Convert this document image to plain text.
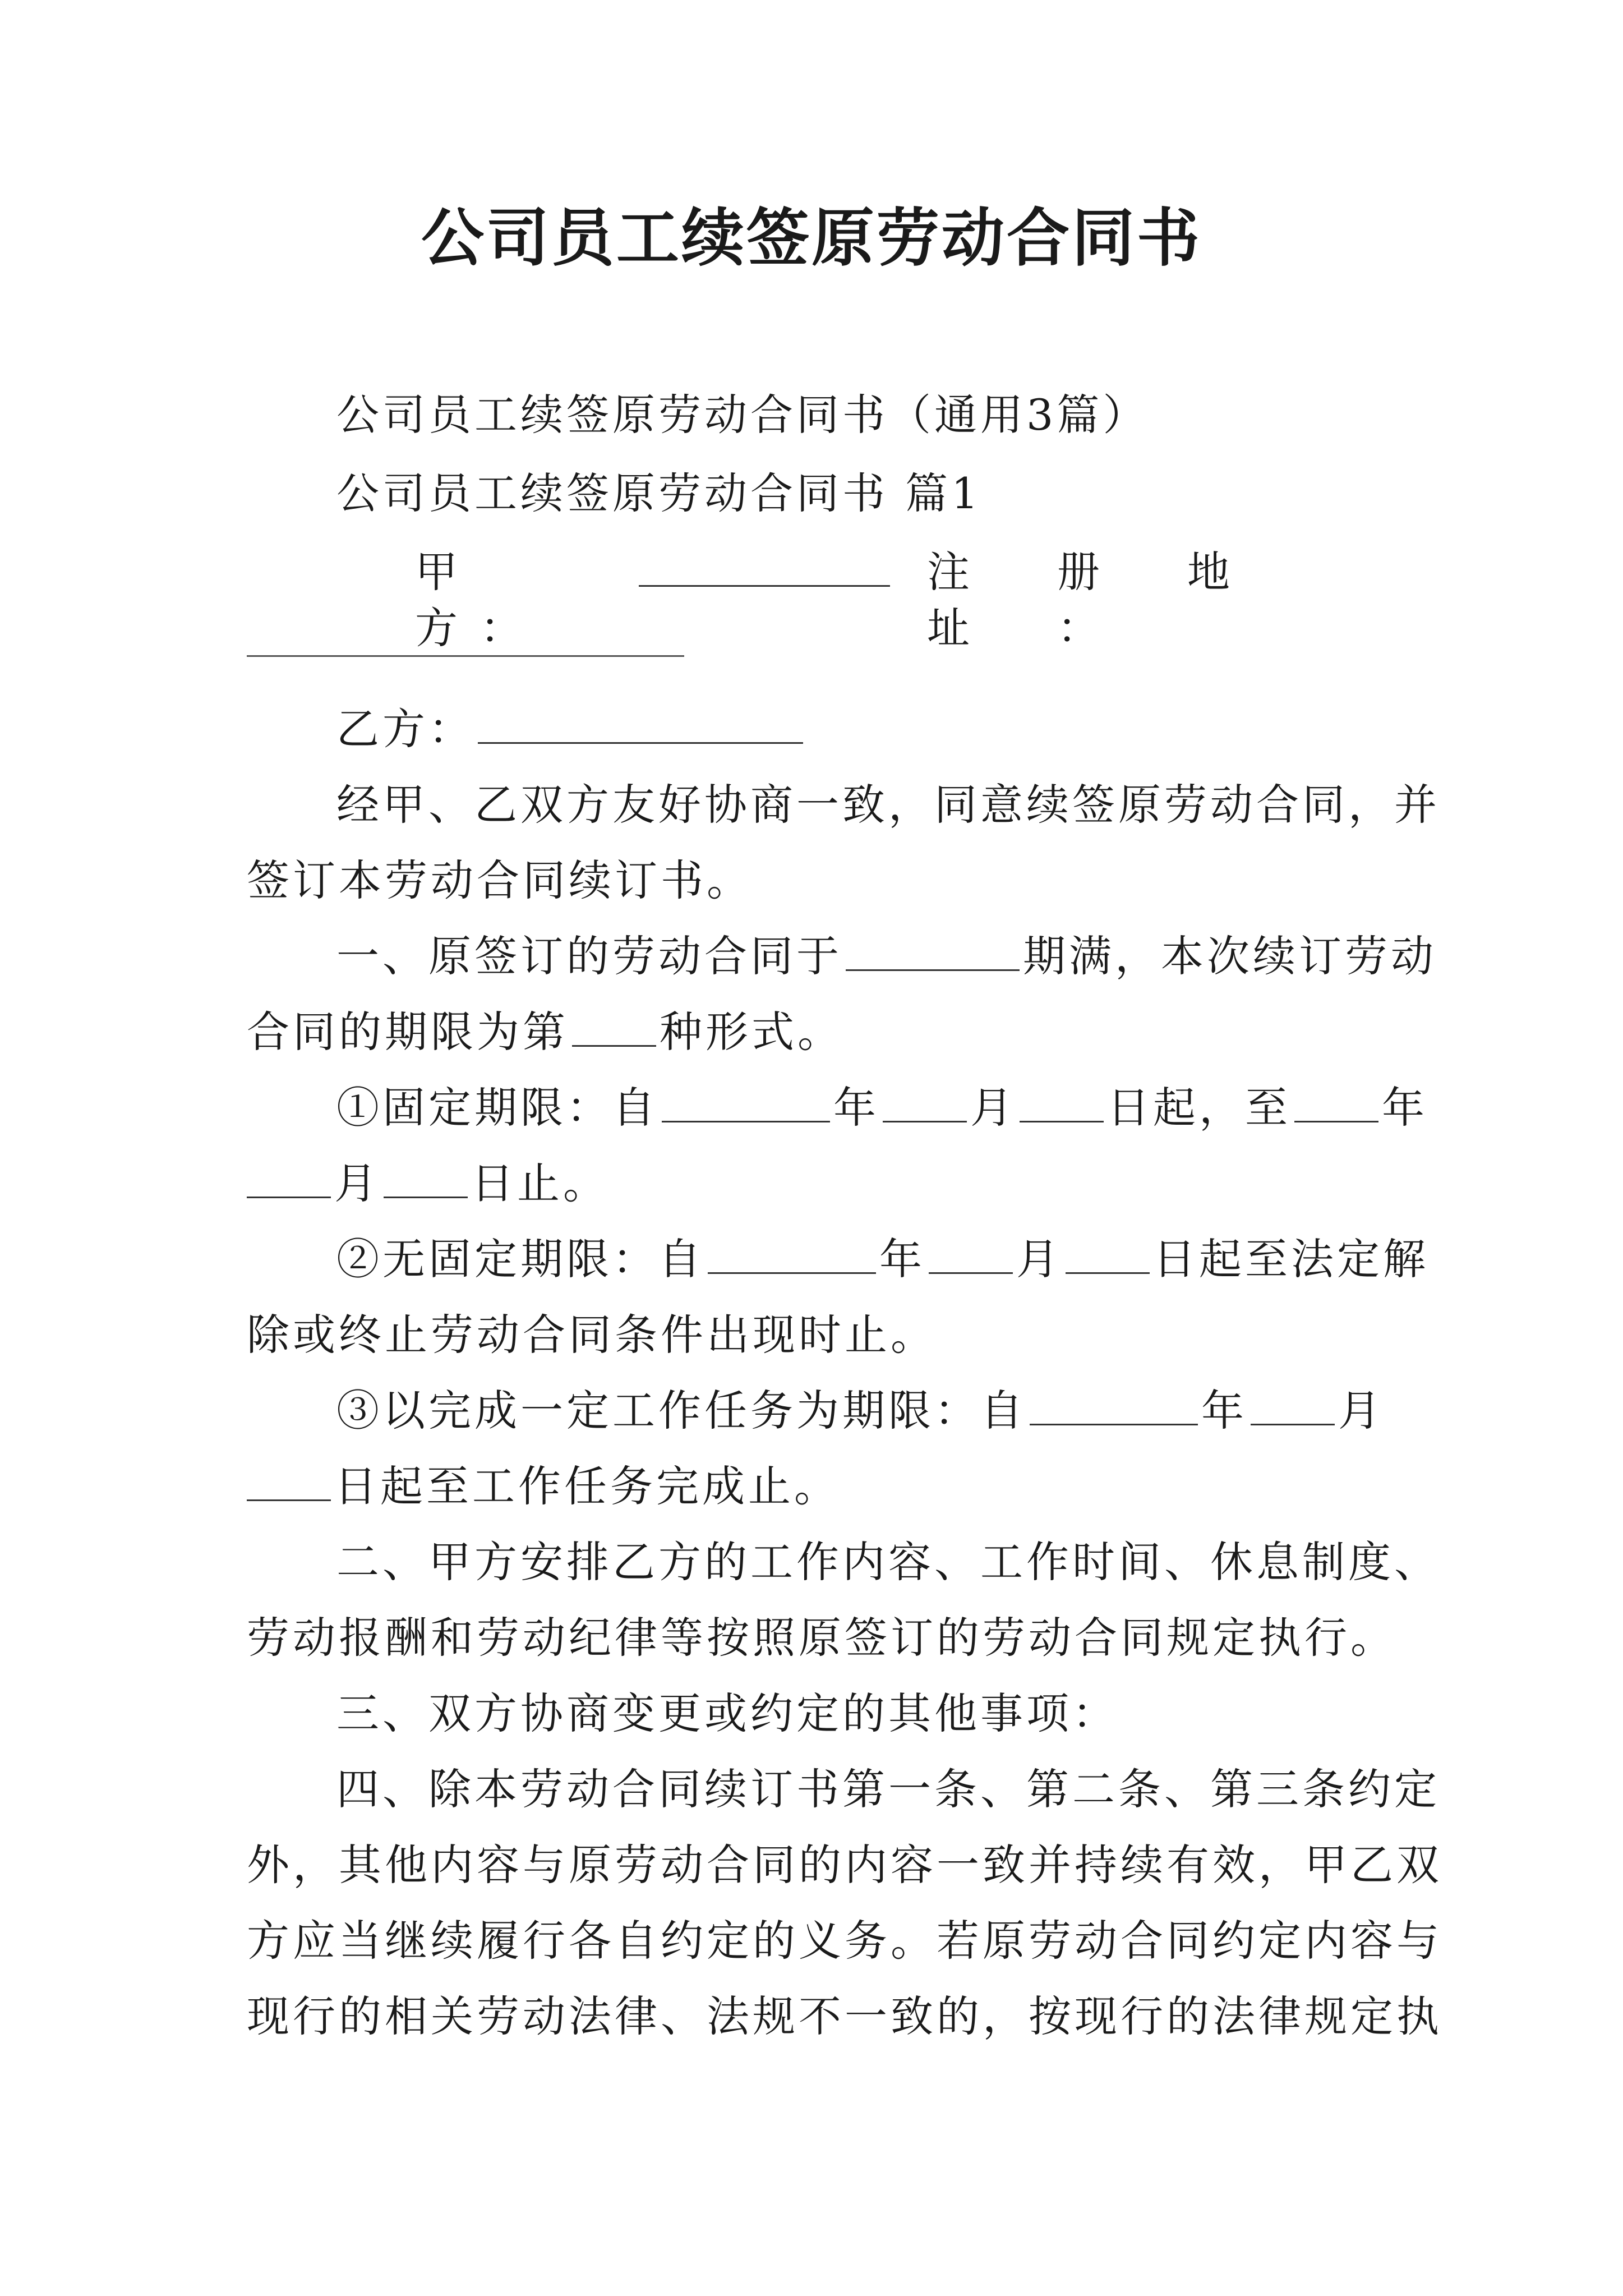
公司员工续签原劳动合同书
公司员工续签原劳动合同书（通用3篇）
公司员工续签原劳动合同书 篇1
甲　方：
注　册　地　址　：
乙方：
经甲、乙双方友好协商一致，同意续签原劳动合同，并
签订本劳动合同续订书。
一、原签订的劳动合同于	期满，本次续订劳动
合同的期限为第 种形式。
①固定期限：自	年 月 日起，至 年
月 日止。
②无固定期限：自	年 月 日起至法定解
除或终止劳动合同条件出现时止。
③以完成一定工作任务为期限：自	年 月
日起至工作任务完成止。
二、甲方安排乙方的工作内容、工作时间、休息制度、
劳动报酬和劳动纪律等按照原签订的劳动合同规定执行。
三、双方协商变更或约定的其他事项：
四、除本劳动合同续订书第一条、第二条、第三条约定
外，其他内容与原劳动合同的内容一致并持续有效，甲乙双
方应当继续履行各自约定的义务。若原劳动合同约定内容与
现行的相关劳动法律、法规不一致的，按现行的法律规定执
